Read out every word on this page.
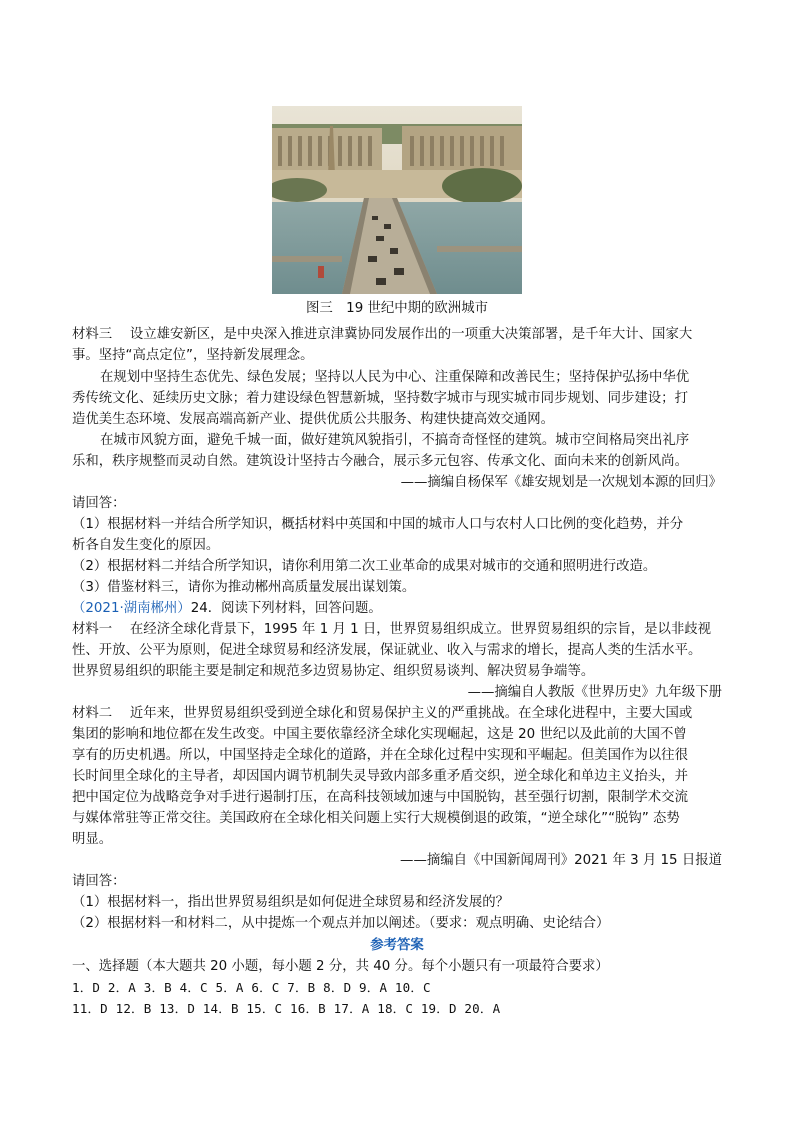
图三　19 世纪中期的欧洲城市
材料三　 设立雄安新区，是中央深入推进京津冀协同发展作出的一项重大决策部署，是千年大计、国家大
事。坚持“高点定位”，坚持新发展理念。
在规划中坚持生态优先、绿色发展；坚持以人民为中心、注重保障和改善民生；坚持保护弘扬中华优
秀传统文化、延续历史文脉；着力建设绿色智慧新城，坚持数字城市与现实城市同步规划、同步建设；打
造优美生态环境、发展高端高新产业、提供优质公共服务、构建快捷高效交通网。
在城市风貌方面，避免千城一面，做好建筑风貌指引，不搞奇奇怪怪的建筑。城市空间格局突出礼序
乐和，秩序规整而灵动自然。建筑设计坚持古今融合，展示多元包容、传承文化、面向未来的创新风尚。
——摘编自杨保军《雄安规划是一次规划本源的回归》
请回答：
（1）根据材料一并结合所学知识，概括材料中英国和中国的城市人口与农村人口比例的变化趋势，并分
析各自发生变化的原因。
（2）根据材料二并结合所学知识，请你利用第二次工业革命的成果对城市的交通和照明进行改造。
（3）借鉴材料三，请你为推动郴州高质量发展出谋划策。
（2021·湖南郴州）24．阅读下列材料，回答问题。
材料一　 在经济全球化背景下，1995 年 1 月 1 日，世界贸易组织成立。世界贸易组织的宗旨，是以非歧视
性、开放、公平为原则，促进全球贸易和经济发展，保证就业、收入与需求的增长，提高人类的生活水平。
世界贸易组织的职能主要是制定和规范多边贸易协定、组织贸易谈判、解决贸易争端等。
——摘编自人教版《世界历史》九年级下册
材料二　 近年来，世界贸易组织受到逆全球化和贸易保护主义的严重挑战。在全球化进程中，主要大国或
集团的影响和地位都在发生改变。中国主要依靠经济全球化实现崛起，这是 20 世纪以及此前的大国不曾
享有的历史机遇。所以，中国坚持走全球化的道路，并在全球化过程中实现和平崛起。但美国作为以往很
长时间里全球化的主导者，却因国内调节机制失灵导致内部多重矛盾交织，逆全球化和单边主义抬头，并
把中国定位为战略竞争对手进行遏制打压，在高科技领域加速与中国脱钩，甚至强行切割，限制学术交流
与媒体常驻等正常交往。美国政府在全球化相关问题上实行大规模倒退的政策，“逆全球化”“脱钩” 态势
明显。
——摘编自《中国新闻周刊》2021 年 3 月 15 日报道
请回答：
（1）根据材料一，指出世界贸易组织是如何促进全球贸易和经济发展的？
（2）根据材料一和材料二，从中提炼一个观点并加以阐述。（要求：观点明确、史论结合）
参考答案
一、选择题（本大题共 20 小题，每小题 2 分，共 40 分。每个小题只有一项最符合要求）
1．D 2．A 3．B 4．C 5．A 6．C 7．B 8．D 9．A 10．C
11．D 12．B 13．D 14．B 15．C 16．B 17．A 18．C 19．D 20．A
